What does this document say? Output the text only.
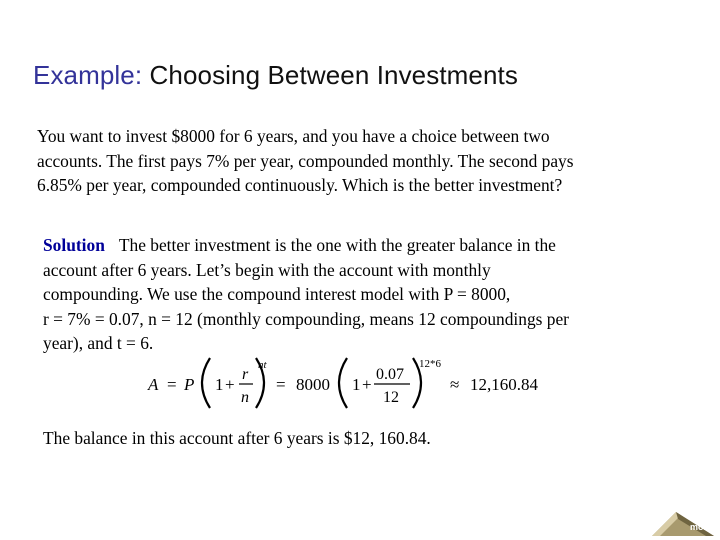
Example: Choosing Between Investments
You want to invest $8000 for 6 years, and you have a choice between two
accounts. The first pays 7% per year, compounded monthly. The second pays
6.85% per year, compounded continuously. Which is the better investment?
Solution The better investment is the one with the greater balance in the
account after 6 years. Let’s begin with the account with monthly
compounding. We use the compound interest model with P = 8000,
r = 7% = 0.07, n = 12 (monthly compounding, means 12 compoundings per
year), and t = 6.
A = P 1 +
r
n
nt
= 8000 1 +
0.07
12
12*6
≈ 12,160.84
The balance in this account after 6 years is $12, 160.84.
more
